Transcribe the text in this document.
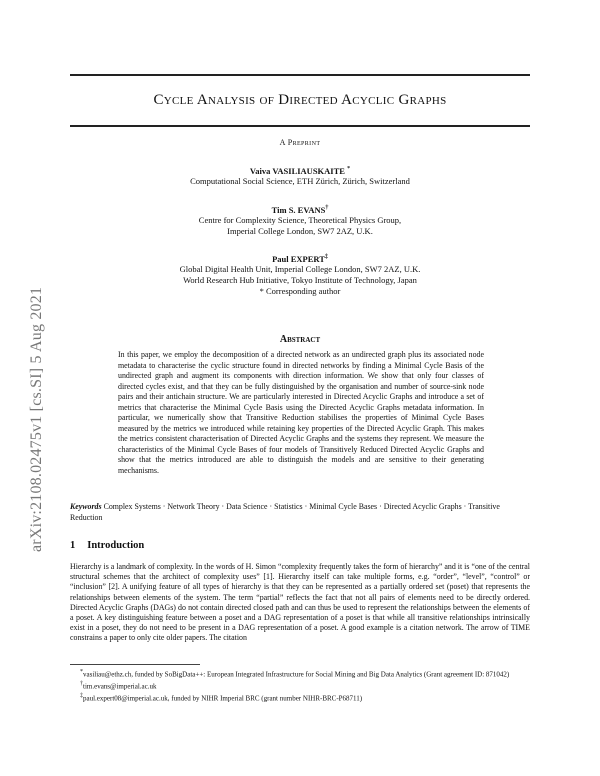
arXiv:2108.02475v1 [cs.SI] 5 Aug 2021
Cycle Analysis of Directed Acyclic Graphs
A Preprint
Vaiva VASILIAUSKAITE *
Computational Social Science, ETH Zürich, Zürich, Switzerland
Tim S. EVANS†
Centre for Complexity Science, Theoretical Physics Group,
Imperial College London, SW7 2AZ, U.K.
Paul EXPERT‡
Global Digital Health Unit, Imperial College London, SW7 2AZ, U.K.
World Research Hub Initiative, Tokyo Institute of Technology, Japan
* Corresponding author
Abstract
In this paper, we employ the decomposition of a directed network as an undirected graph plus its associated node metadata to characterise the cyclic structure found in directed networks by finding a Minimal Cycle Basis of the undirected graph and augment its components with direction information. We show that only four classes of directed cycles exist, and that they can be fully distinguished by the organisation and number of source-sink node pairs and their antichain structure. We are particularly interested in Directed Acyclic Graphs and introduce a set of metrics that characterise the Minimal Cycle Basis using the Directed Acyclic Graphs metadata information. In particular, we numerically show that Transitive Reduction stabilises the properties of Minimal Cycle Bases measured by the metrics we introduced while retaining key properties of the Directed Acyclic Graph. This makes the metrics consistent characterisation of Directed Acyclic Graphs and the systems they represent. We measure the characteristics of the Minimal Cycle Bases of four models of Transitively Reduced Directed Acyclic Graphs and show that the metrics introduced are able to distinguish the models and are sensitive to their generating mechanisms.
Keywords Complex Systems · Network Theory · Data Science · Statistics · Minimal Cycle Bases · Directed Acyclic Graphs · Transitive Reduction
1 Introduction
Hierarchy is a landmark of complexity. In the words of H. Simon “complexity frequently takes the form of hierarchy” and it is “one of the central structural schemes that the architect of complexity uses” [1]. Hierarchy itself can take multiple forms, e.g. “order”, “level”, “control” or “inclusion” [2]. A unifying feature of all types of hierarchy is that they can be represented as a partially ordered set (poset) that represents the relationships between elements of the system. The term “partial” reflects the fact that not all pairs of elements need to be directly ordered. Directed Acyclic Graphs (DAGs) do not contain directed closed path and can thus be used to represent the relationships between the elements of a poset. A key distinguishing feature between a poset and a DAG representation of a poset is that while all transitive relationships intrinsically exist in a poset, they do not need to be present in a DAG representation of a poset. A good example is a citation network. The arrow of TIME constrains a paper to only cite older papers. The citation
*vasiliau@ethz.ch, funded by SoBigData++: European Integrated Infrastructure for Social Mining and Big Data Analytics (Grant agreement ID: 871042)
†tim.evans@imperial.ac.uk
‡paul.expert08@imperial.ac.uk, funded by NIHR Imperial BRC (grant number NIHR-BRC-P68711)
